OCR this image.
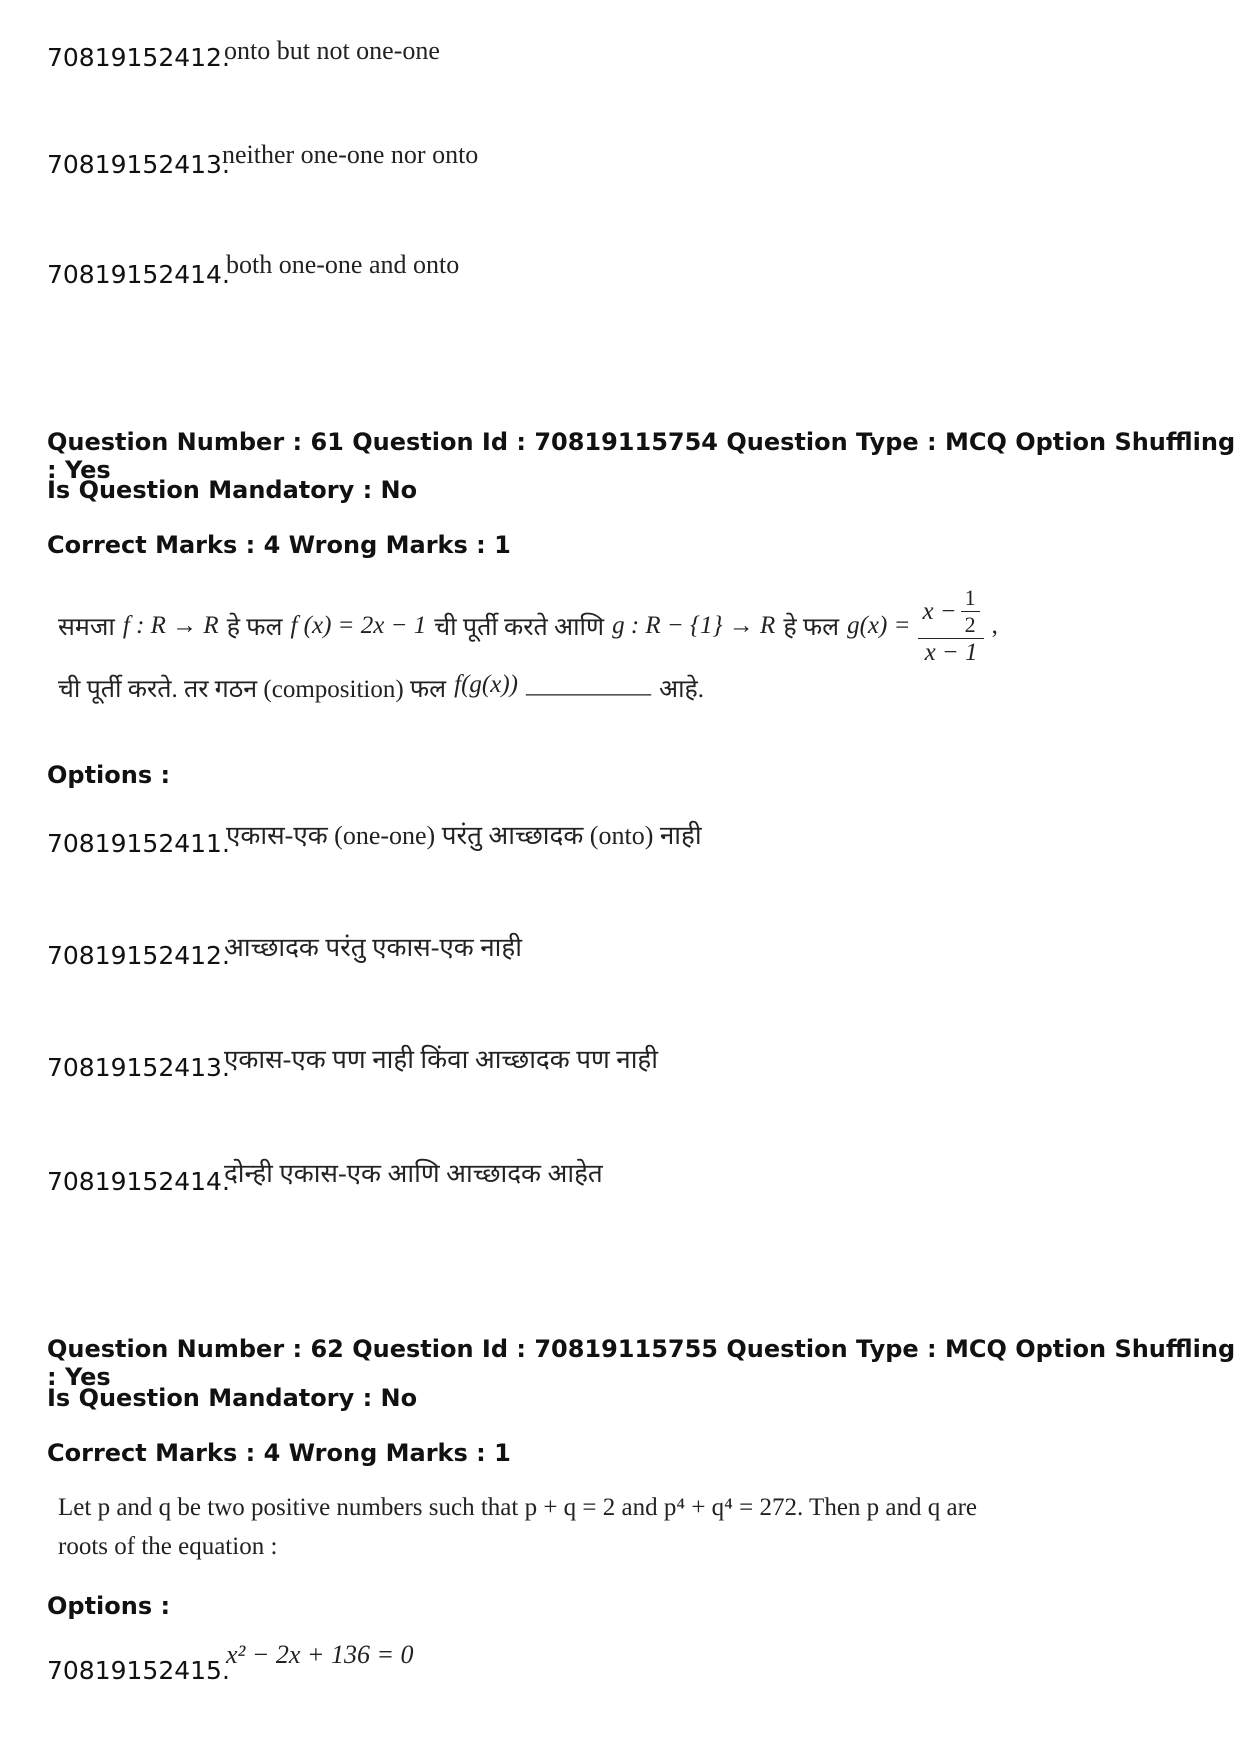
70819152412.
onto but not one-one
70819152413.
neither one-one nor onto
70819152414.
both one-one and onto
Question Number : 61 Question Id : 70819115754 Question Type : MCQ Option Shuffling : Yes
Is Question Mandatory : No
Correct Marks : 4 Wrong Marks : 1
समजा f : R → R हे फल f (x) = 2x − 1 ची पूर्ती करते आणि g : R − {1} → R हे फल $g(x) = \frac{x - \frac{1}{2}}{x - 1}$ ,
ची पूर्ती करते. तर गठन (composition) फल f(g(x)) __________ आहे.
Options :
70819152411.
एकास-एक (one-one) परंतु आच्छादक (onto) नाही
70819152412.
आच्छादक परंतु एकास-एक नाही
70819152413.
एकास-एक पण नाही किंवा आच्छादक पण नाही
70819152414.
दोन्ही एकास-एक आणि आच्छादक आहेत
Question Number : 62 Question Id : 70819115755 Question Type : MCQ Option Shuffling : Yes
Is Question Mandatory : No
Correct Marks : 4 Wrong Marks : 1
Let p and q be two positive numbers such that p + q = 2 and p⁴ + q⁴ = 272. Then p and q are
roots of the equation :
Options :
70819152415.
x² − 2x + 136 = 0
